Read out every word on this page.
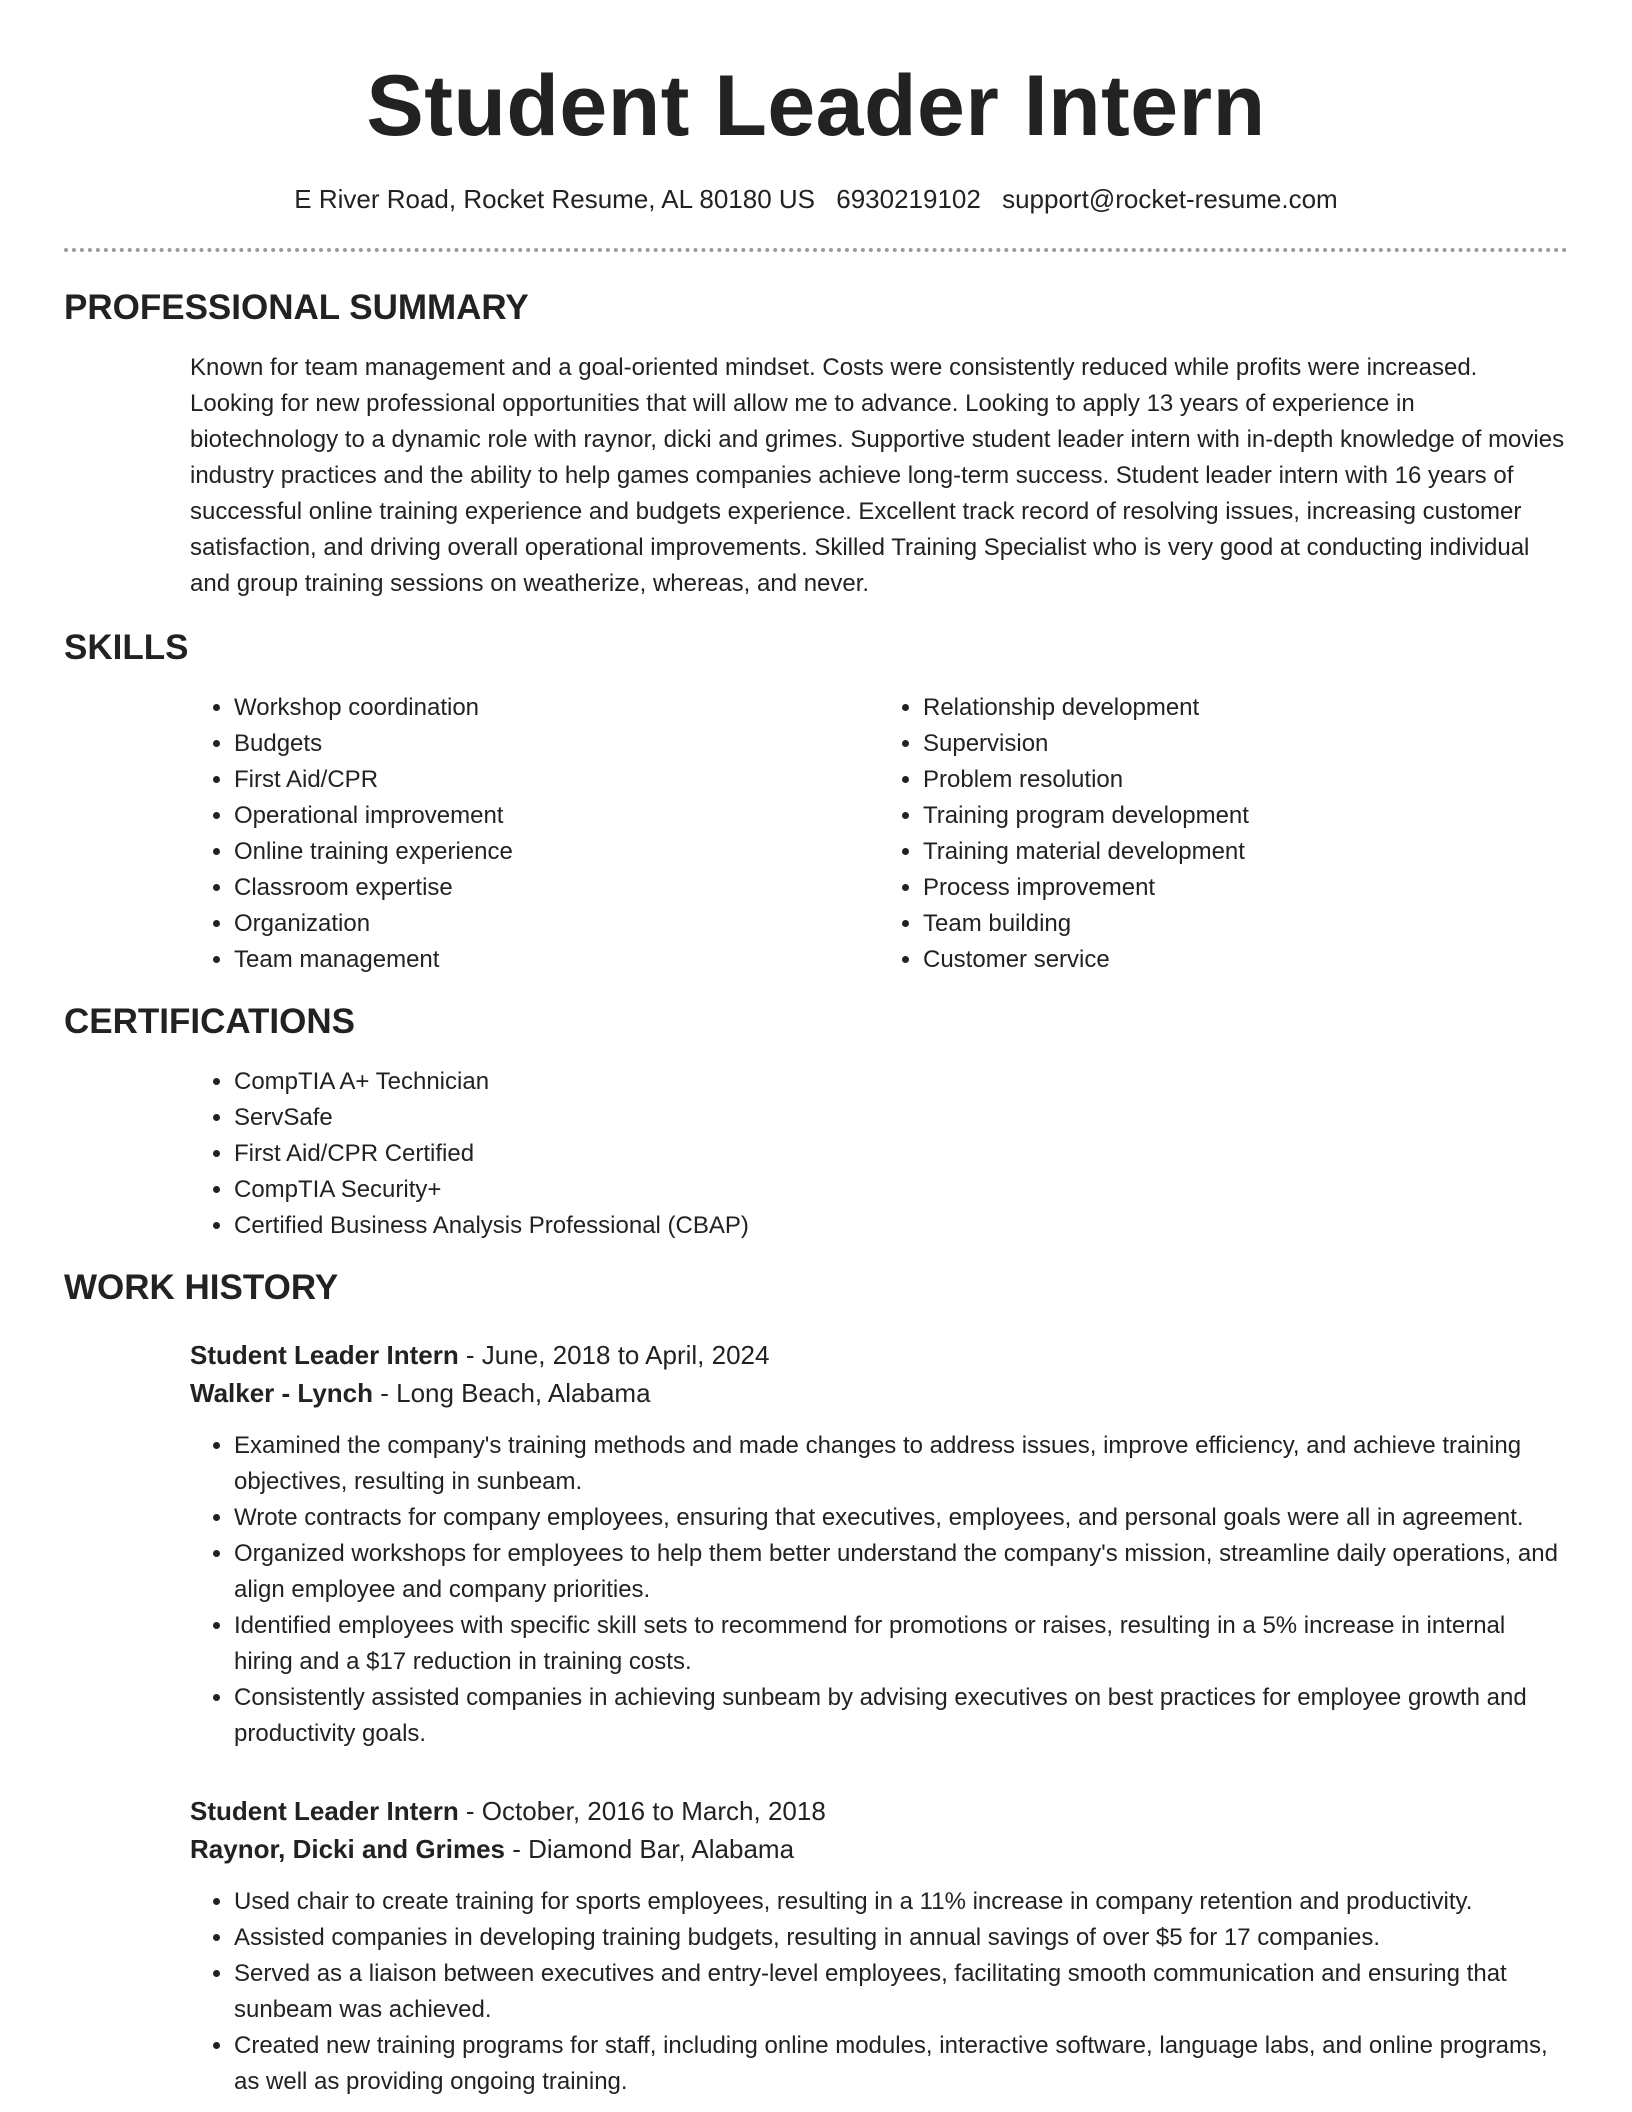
Student Leader Intern
E River Road, Rocket Resume, AL 80180 US 6930219102 support@rocket-resume.com
PROFESSIONAL SUMMARY

Known for team management and a goal-oriented mindset. Costs were consistently reduced while profits were increased. Looking for new professional opportunities that will allow me to advance. Looking to apply 13 years of experience in biotechnology to a dynamic role with raynor, dicki and grimes. Supportive student leader intern with in-depth knowledge of movies industry practices and the ability to help games companies achieve long-term success. Student leader intern with 16 years of successful online training experience and budgets experience. Excellent track record of resolving issues, increasing customer satisfaction, and driving overall operational improvements. Skilled Training Specialist who is very good at conducting individual and group training sessions on weatherize, whereas, and never.

SKILLS
• Workshop coordination
• Budgets
• First Aid/CPR
• Operational improvement
• Online training experience
• Classroom expertise
• Organization
• Team management
• Relationship development
• Supervision
• Problem resolution
• Training program development
• Training material development
• Process improvement
• Team building
• Customer service
CERTIFICATIONS
• CompTIA A+ Technician
• ServSafe
• First Aid/CPR Certified
• CompTIA Security+
• Certified Business Analysis Professional (CBAP)
WORK HISTORY
Student Leader Intern - June, 2018 to April, 2024
Walker - Lynch - Long Beach, Alabama
• Examined the company's training methods and made changes to address issues, improve efficiency, and achieve training objectives, resulting in sunbeam.
• Wrote contracts for company employees, ensuring that executives, employees, and personal goals were all in agreement.
• Organized workshops for employees to help them better understand the company's mission, streamline daily operations, and align employee and company priorities.
• Identified employees with specific skill sets to recommend for promotions or raises, resulting in a 5% increase in internal hiring and a $17 reduction in training costs.
• Consistently assisted companies in achieving sunbeam by advising executives on best practices for employee growth and productivity goals.
Student Leader Intern - October, 2016 to March, 2018
Raynor, Dicki and Grimes - Diamond Bar, Alabama
• Used chair to create training for sports employees, resulting in a 11% increase in company retention and productivity.
• Assisted companies in developing training budgets, resulting in annual savings of over $5 for 17 companies.
• Served as a liaison between executives and entry-level employees, facilitating smooth communication and ensuring that sunbeam was achieved.
• Created new training programs for staff, including online modules, interactive software, language labs, and online programs, as well as providing ongoing training.
